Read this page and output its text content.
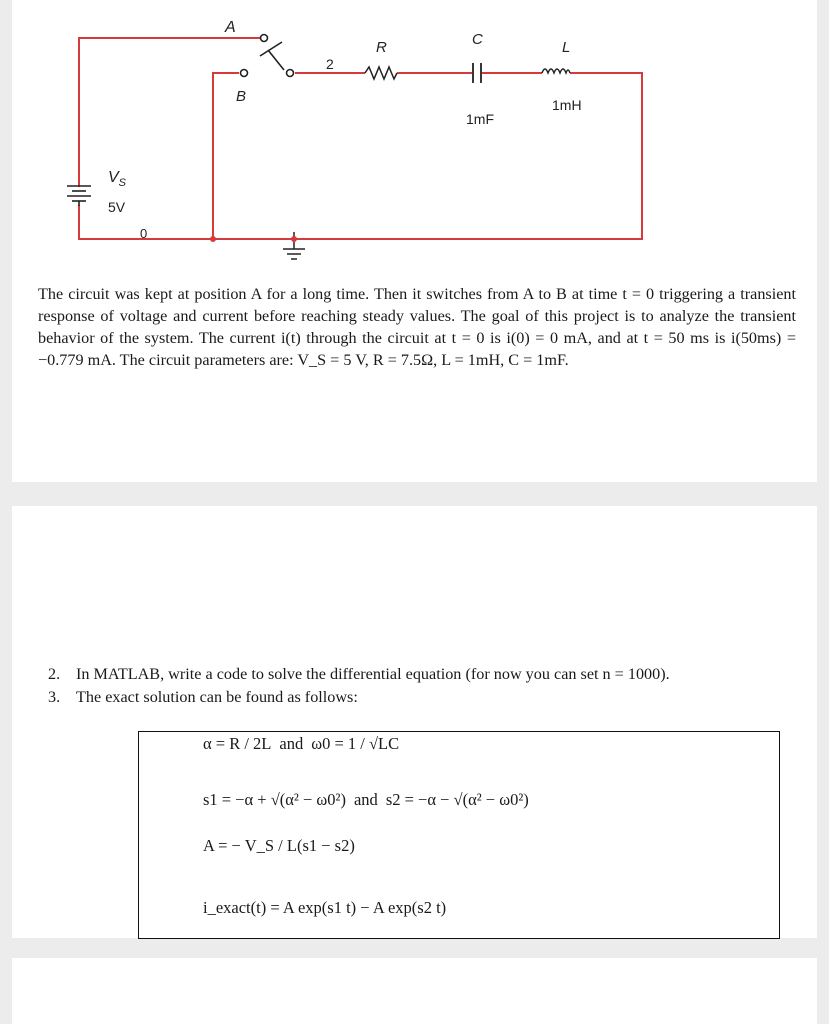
A
B
2
R	C	L
1mF
1mH
$V_S$
5V
0
The circuit was kept at position A for a long time. Then it switches from A to B at time t = 0 triggering a transient response of voltage and current before reaching steady values. The goal of this project is to analyze the transient behavior of the system. The current i(t) through the circuit at t = 0 is i(0) = 0 mA, and at t = 50 ms is i(50ms) = −0.779 mA. The circuit parameters are: V_S = 5 V, R = 7.5Ω, L = 1mH, C = 1mF.
2. In MATLAB, write a code to solve the differential equation (for now you can set n = 1000).
3. The exact solution can be found as follows:
α = R / 2L and ω0 = 1 / √LC
s1 = −α + √(α² − ω0²) and s2 = −α − √(α² − ω0²)
A = − V_S / L(s1 − s2)
i_exact(t) = A exp(s1 t) − A exp(s2 t)
